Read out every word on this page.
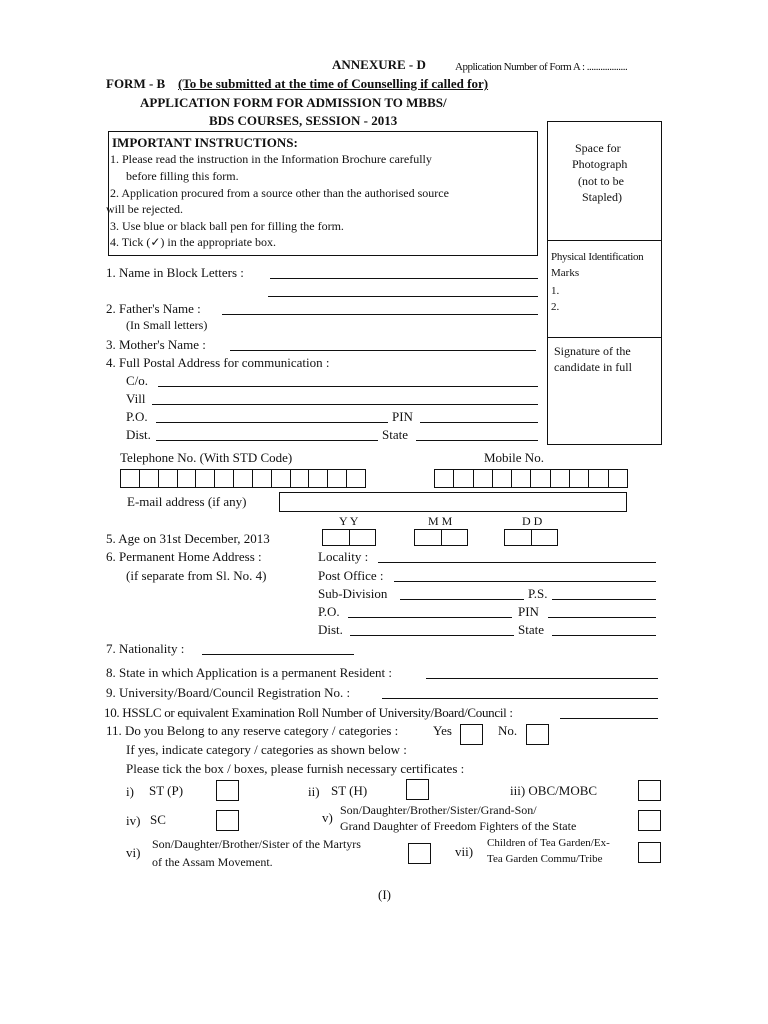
ANNEXURE - D	Application Number of Form A : ..................
FORM - B (To be submitted at the time of Counselling if called for)
APPLICATION FORM FOR ADMISSION TO MBBS/
BDS COURSES, SESSION - 2013
IMPORTANT INSTRUCTIONS:
1. Please read the instruction in the Information Brochure carefully
before filling this form.
2. Application procured from a source other than the authorised source
will be rejected.
3. Use blue or black ball pen for filling the form.
4. Tick (✓) in the appropriate box.
Space for
Photograph
(not to be
Stapled)
Physical Identification
Marks
1.
2.
Signature of the
candidate in full
1. Name in Block Letters :
2. Father's Name :
(In Small letters)
3. Mother's Name :
4. Full Postal Address for communication :
C/o.
Vill
P.O.	PIN
Dist.	State
Telephone No. (With STD Code)	Mobile No.
E-mail address (if any)
Y Y	M M	D D
5. Age on 31st December, 2013
6. Permanent Home Address :
(if separate from Sl. No. 4)
Locality :
Post Office :
Sub-Division	P.S.
P.O.	PIN
Dist.	State
7. Nationality :
8. State in which Application is a permanent Resident :
9. University/Board/Council Registration No. :
10. HSSLC or equivalent Examination Roll Number of University/Board/Council :
11. Do you Belong to any reserve category / categories :	Yes	No.
If yes, indicate category / categories as shown below :
Please tick the box / boxes, please furnish necessary certificates :
i) ST (P)	ii) ST (H)	iii) OBC/MOBC
iv) SC	v) Son/Daughter/Brother/Sister/Grand-Son/
Grand Daughter of Freedom Fighters of the State
vi)
Son/Daughter/Brother/Sister of the Martyrs
of the Assam Movement.
vii)
Children of Tea Garden/Ex-
Tea Garden Commu/Tribe
(I)
